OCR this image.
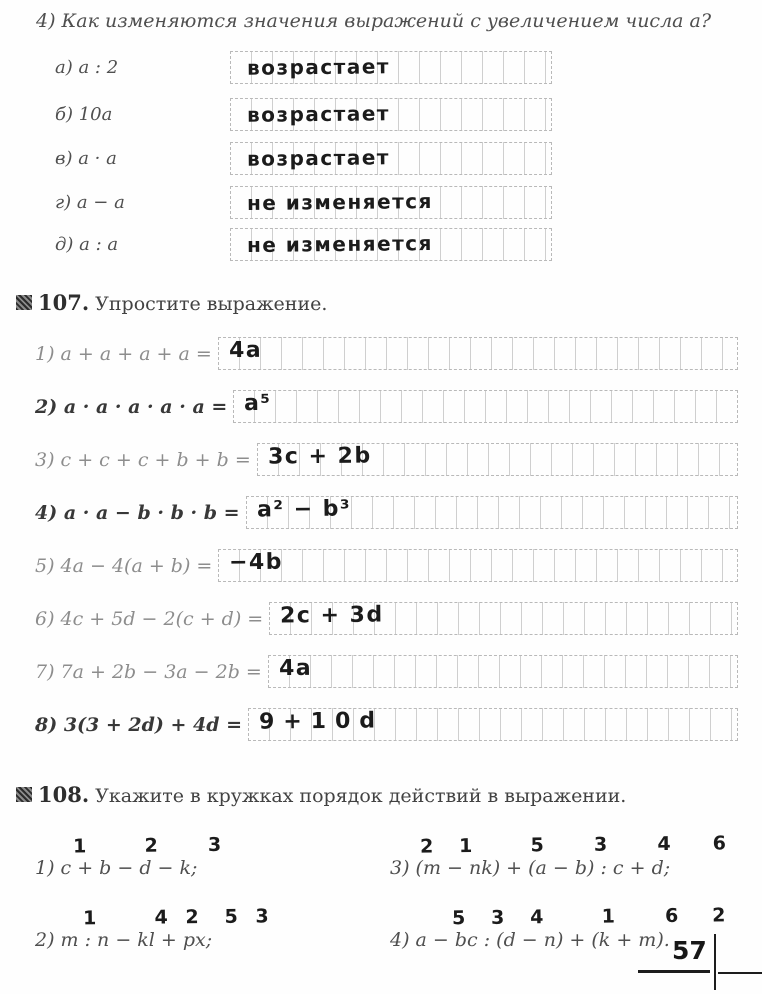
4) Как изменяются значения выражений с увеличением числа а?
а) а : 2	возрастает
б) 10а	возрастает
в) а · а	возрастает
г) а − а	не изменяется
д) а : а	не изменяется
107. Упростите выражение.
1) a + a + a + a = 4a
2) a · a · a · a · a = a⁵
3) c + c + c + b + b = 3c + 2b
4) a · a − b · b · b = a² − b³
5) 4a − 4(a + b) = −4b
6) 4c + 5d − 2(c + d) = 2c + 3d
7) 7a + 2b − 3a − 2b = 4a
8) 3(3 + 2d) + 4d = 9+10d
108. Укажите в кружках порядок действий в выражении.
1       2      3
1) c + b − d − k;
2   1       5      3      4     6
3) (m − nk) + (a − b) : c + d;
1       4  2   5  3
2) m : n − kl + px;
5   3   4       1      6    2
4) a − bc : (d − n) + (k + m). 57
